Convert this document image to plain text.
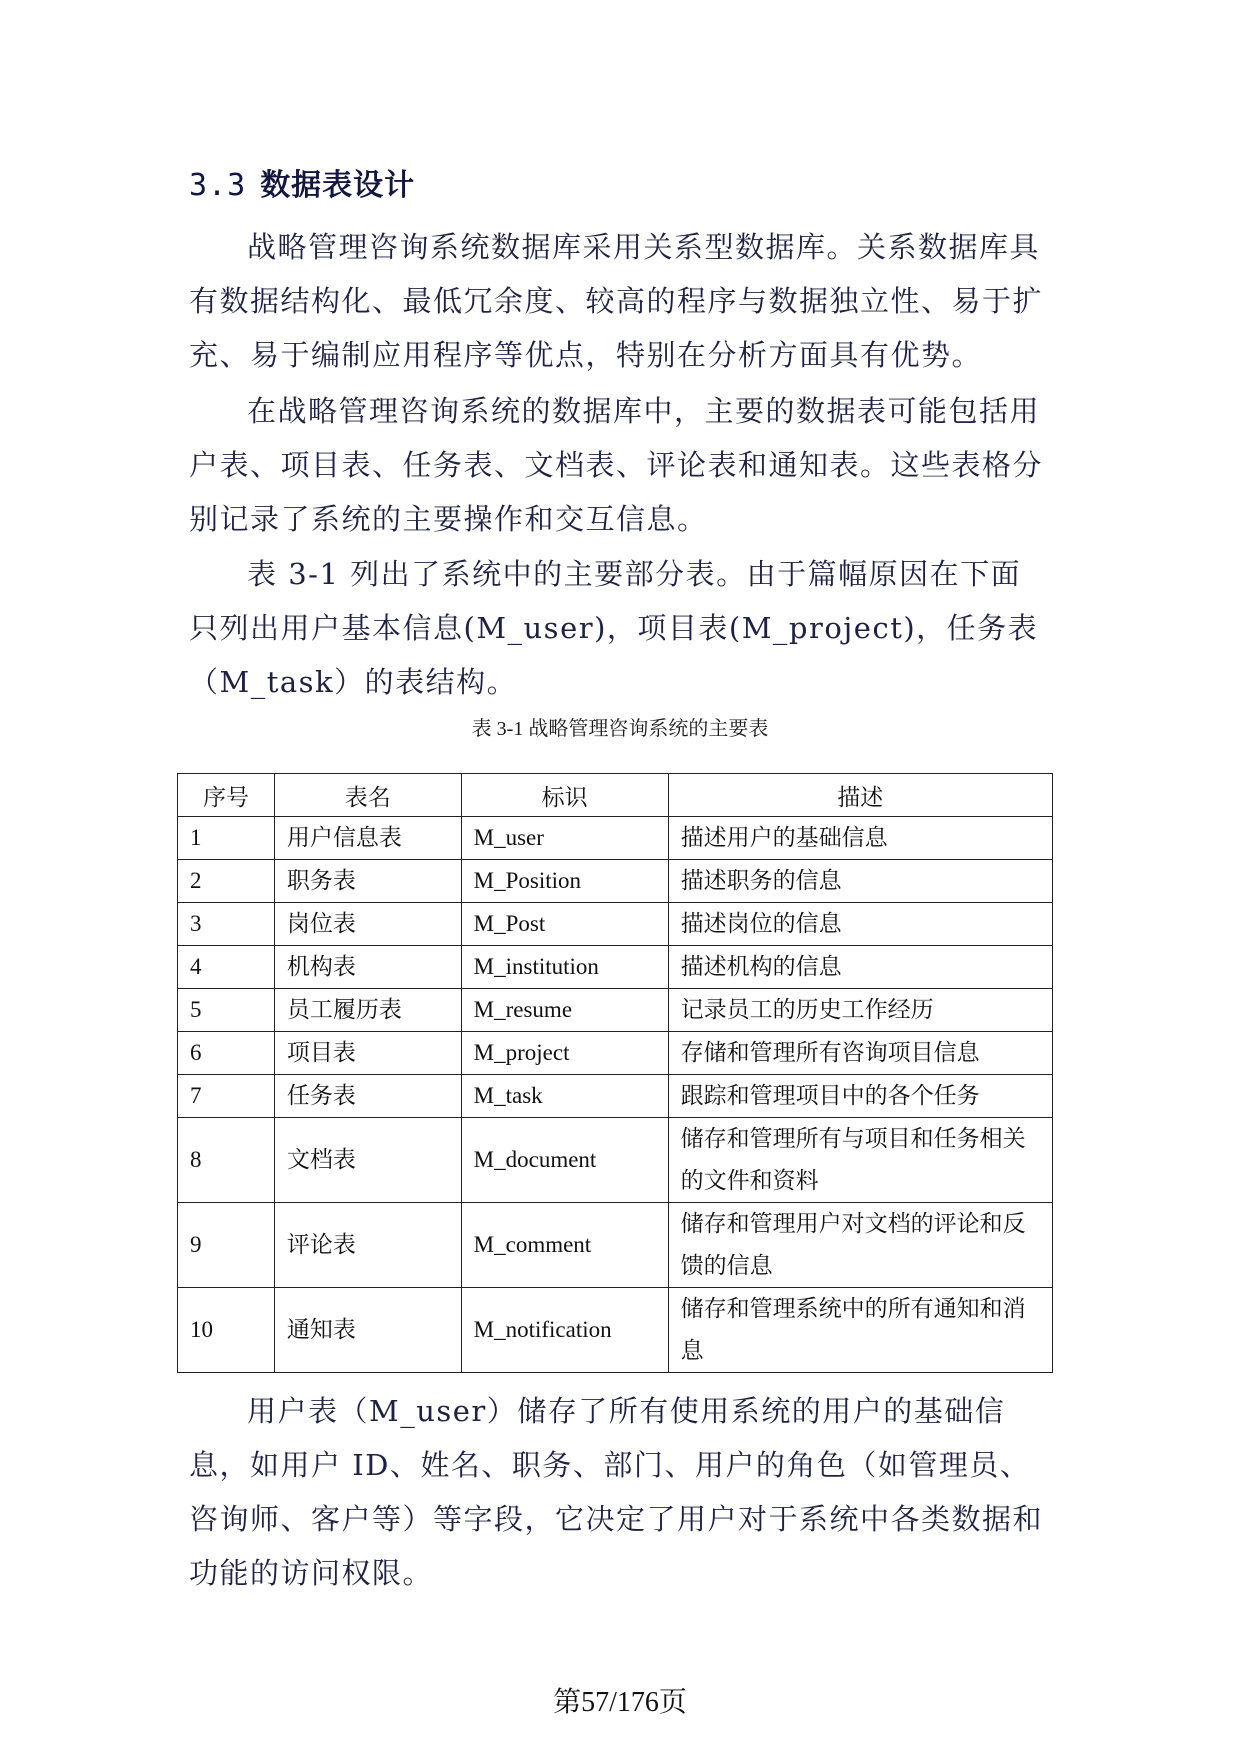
3.3 数据表设计

战略管理咨询系统数据库采用关系型数据库。关系数据库具有数据结构化、最低冗余度、较高的程序与数据独立性、易于扩充、易于编制应用程序等优点，特别在分析方面具有优势。

在战略管理咨询系统的数据库中，主要的数据表可能包括用户表、项目表、任务表、文档表、评论表和通知表。这些表格分别记录了系统的主要操作和交互信息。

表 3-1 列出了系统中的主要部分表。由于篇幅原因在下面只列出用户基本信息(M_user)，项目表(M_project)，任务表（M_task）的表结构。

表 3-1 战略管理咨询系统的主要表
序号	表名	标识	描述
1	用户信息表	M_user	描述用户的基础信息
2	职务表	M_Position	描述职务的信息
3	岗位表	M_Post	描述岗位的信息
4	机构表	M_institution	描述机构的信息
5	员工履历表	M_resume	记录员工的历史工作经历
6	项目表	M_project	存储和管理所有咨询项目信息
7	任务表	M_task	跟踪和管理项目中的各个任务
8	文档表	M_document	储存和管理所有与项目和任务相关的文件和资料
9	评论表	M_comment	储存和管理用户对文档的评论和反馈的信息
10	通知表	M_notification	储存和管理系统中的所有通知和消息

用户表（M_user）储存了所有使用系统的用户的基础信息，如用户 ID、姓名、职务、部门、用户的角色（如管理员、咨询师、客户等）等字段，它决定了用户对于系统中各类数据和功能的访问权限。

第57/176页
